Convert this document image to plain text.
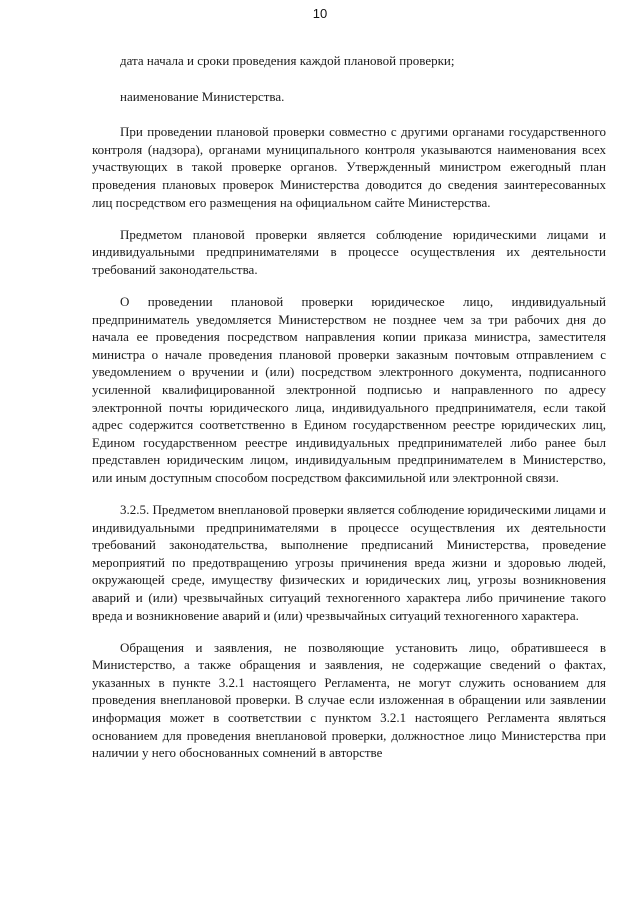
10

дата начала и сроки проведения каждой плановой проверки;

наименование Министерства.

При проведении плановой проверки совместно с другими органами государственного контроля (надзора), органами муниципального контроля указываются наименования всех участвующих в такой проверке органов. Утвержденный министром ежегодный план проведения плановых проверок Министерства доводится до сведения заинтересованных лиц посредством его размещения на официальном сайте Министерства.

Предметом плановой проверки является соблюдение юридическими лицами и индивидуальными предпринимателями в процессе осуществления их деятельности требований законодательства.

О проведении плановой проверки юридическое лицо, индивидуальный предприниматель уведомляется Министерством не позднее чем за три рабочих дня до начала ее проведения посредством направления копии приказа министра, заместителя министра о начале проведения плановой проверки заказным почтовым отправлением с уведомлением о вручении и (или) посредством электронного документа, подписанного усиленной квалифицированной электронной подписью и направленного по адресу электронной почты юридического лица, индивидуального предпринимателя, если такой адрес содержится соответственно в Едином государственном реестре юридических лиц, Едином государственном реестре индивидуальных предпринимателей либо ранее был представлен юридическим лицом, индивидуальным предпринимателем в Министерство, или иным доступным способом посредством факсимильной или электронной связи.

3.2.5. Предметом внеплановой проверки является соблюдение юридическими лицами и индивидуальными предпринимателями в процессе осуществления их деятельности требований законодательства, выполнение предписаний Министерства, проведение мероприятий по предотвращению угрозы причинения вреда жизни и здоровью людей, окружающей среде, имуществу физических и юридических лиц, угрозы возникновения аварий и (или) чрезвычайных ситуаций техногенного характера либо причинение такого вреда и возникновение аварий и (или) чрезвычайных ситуаций техногенного характера.

Обращения и заявления, не позволяющие установить лицо, обратившееся в Министерство, а также обращения и заявления, не содержащие сведений о фактах, указанных в пункте 3.2.1 настоящего Регламента, не могут служить основанием для проведения внеплановой проверки. В случае если изложенная в обращении или заявлении информация может в соответствии с пунктом 3.2.1 настоящего Регламента являться основанием для проведения внеплановой проверки, должностное лицо Министерства при наличии у него обоснованных сомнений в авторстве
